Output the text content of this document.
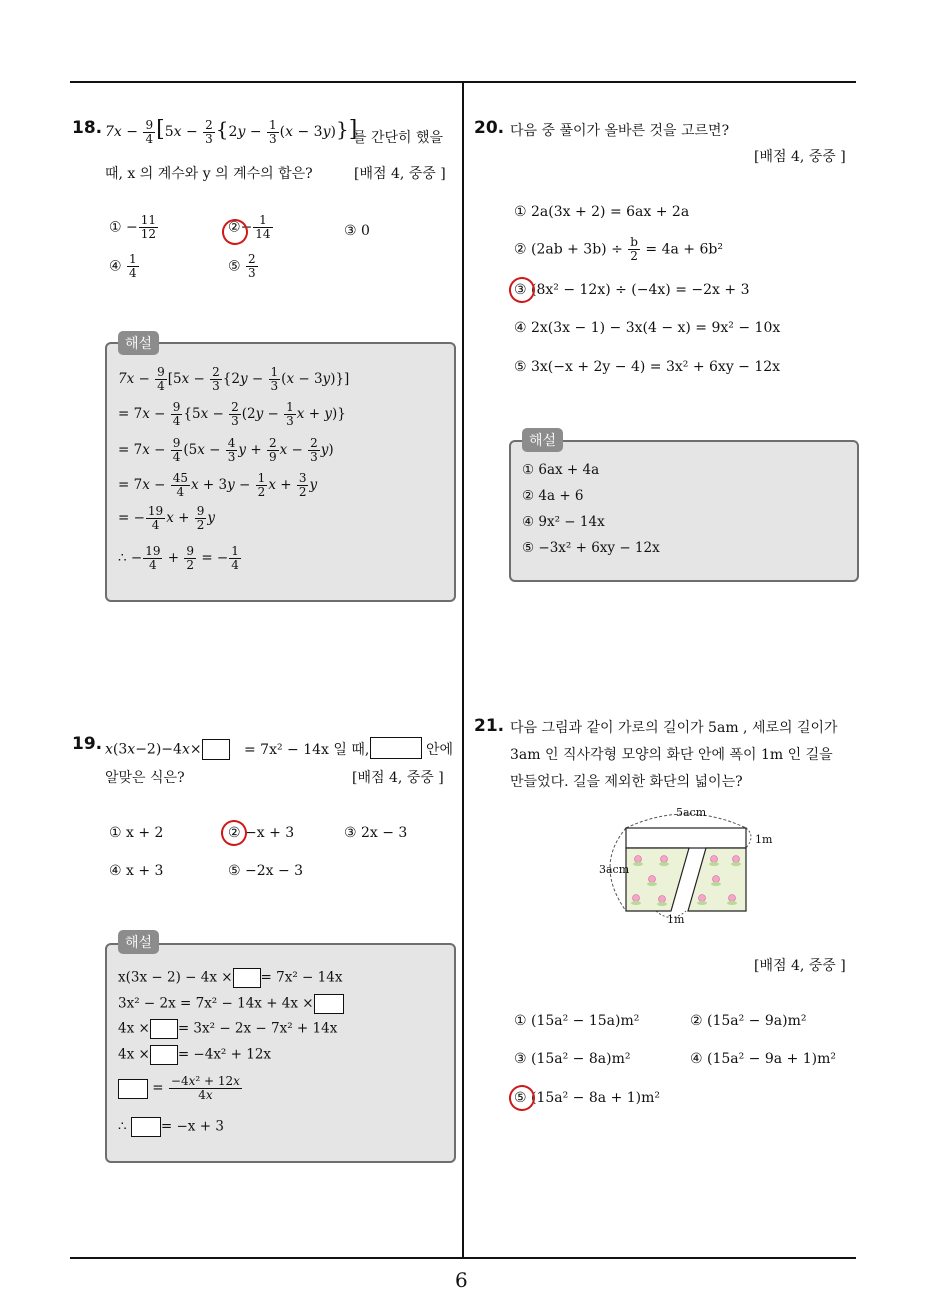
6
18. $7x - \frac{9}{4} [5x - \frac{2}{3} \{2y - \frac{1}{3} (x - 3y)\}]$
를 간단히 했을
때, x 의 계수와 y 의 계수의 합은?	[배점 4, 중중 ]
① − $\frac{11}{12}$	②− $\frac{1}{14}$	③ 0
④ $\frac{1}{4}$	⑤ $\frac{2}{3}$
해설
$7x - \frac{9}{4} [5x - \frac{2}{3} \{2y - \frac{1}{3} (x - 3y)\}]$
= $7x - \frac{9}{4} \{5x - \frac{2}{3} (2y - \frac{1}{3}$ x + y)}
= $7x - \frac{9}{4} (5x - \frac{4}{3}$ $y + \frac{2}{9}$ $x - \frac{2}{3} y$)
= $7x - \frac{45}{4}$ $x + 3y - \frac{1}{2}$ $x + \frac{3}{2}$ y
= − $\frac{19}{4}$ $x + \frac{9}{2}$ y
∴ − $\frac{19}{4} + \frac{9}{2}$ = − $\frac{1}{4}$
19. x(3x−2)−4x×	= 7x² − 14x 일 때,	안에
알맞은 식은?	[배점 4, 중중 ]
① x + 2	② −x + 3	③ 2x − 3
④ x + 3	⑤ −2x − 3
해설
x(3x − 2) − 4x × = 7x² − 14x
3x² − 2x = 7x² − 14x + 4x ×
4x × = 3x² − 2x − 7x² + 14x
4x × = −4x² + 12x
= $\frac{\text{−4x² + 12x}}{4x}$
∴	= −x + 3
20. 다음 중 풀이가 올바른 것을 고르면?
[배점 4, 중중 ]
① 2a(3x + 2) = 6ax + 2a
② $(2ab + 3b) \div \frac{b}{2} = 4a + 6b^2$
③ (8x² − 12x) ÷ (−4x) = −2x + 3
④ 2x(3x − 1) − 3x(4 − x) = 9x² − 10x
⑤ 3x(−x + 2y − 4) = 3x² + 6xy − 12x
해설
① 6ax + 4a
② 4a + 6
④ 9x² − 14x
⑤ −3x² + 6xy − 12x
21. 다음 그림과 같이 가로의 길이가 5am , 세로의 길이가
3am 인 직사각형 모양의 화단 안에 폭이 1m 인 길을
만들었다. 길을 제외한 화단의 넓이는?
5acm
1m
3acm
1m
[배점 4, 중중 ]
① (15a² − 15a)m²	② (15a² − 9a)m²
③ (15a² − 8a)m²	④ (15a² − 9a + 1)m²
⑤ (15a² − 8a + 1)m²
